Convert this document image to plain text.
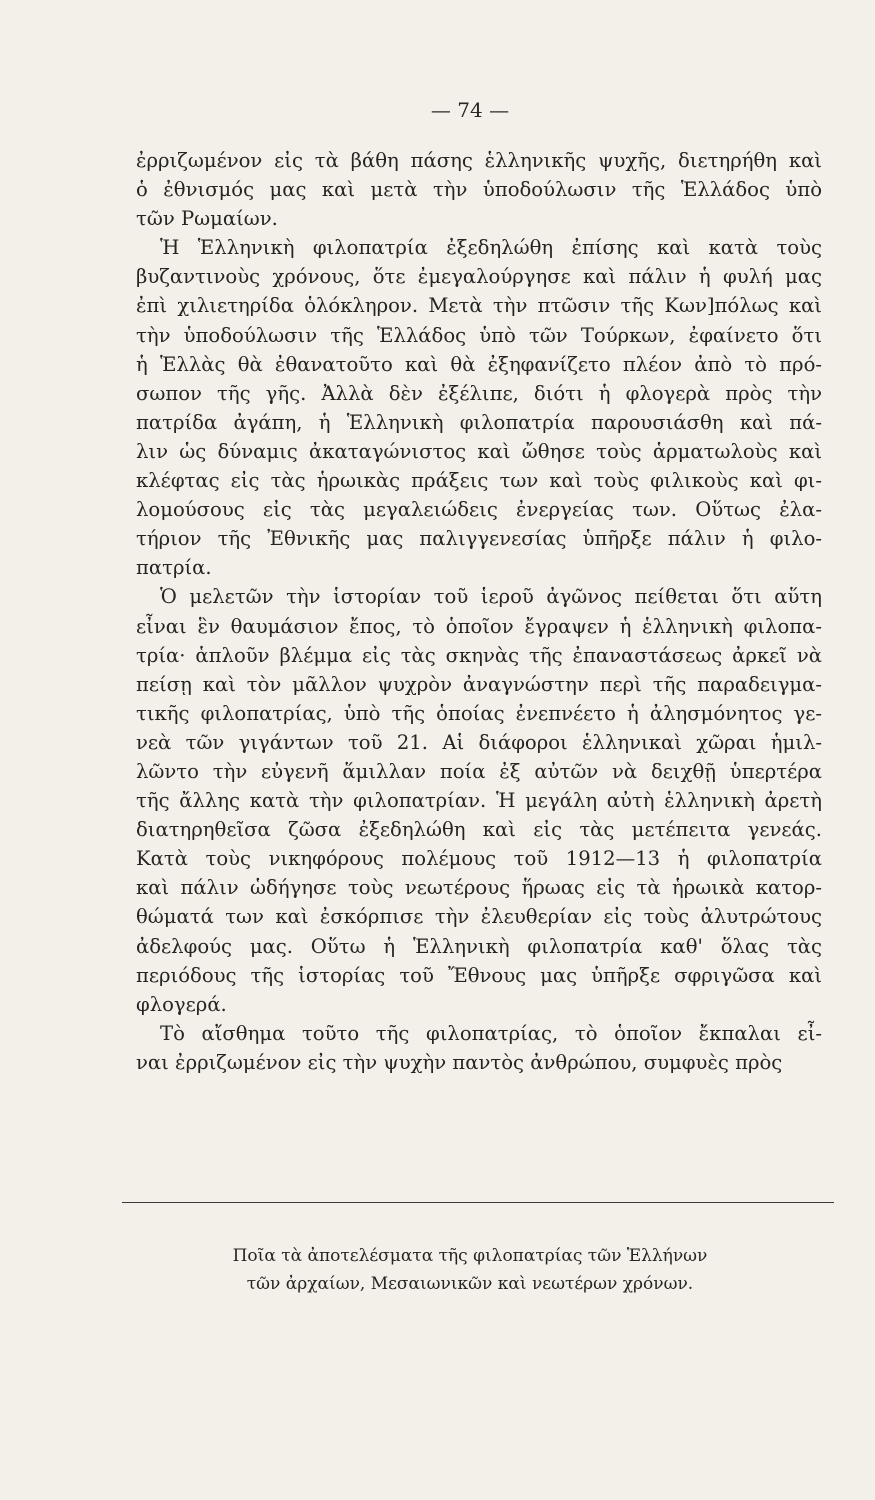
— 74 —
ἐρριζωμένον εἰς τὰ βάθη πάσης ἑλληνικῆς ψυχῆς, διετηρήθη καὶ
ὁ ἐθνισμός μας καὶ μετὰ τὴν ὑποδούλωσιν τῆς Ἑλλάδος ὑπὸ
τῶν Ρωμαίων.
Ἡ Ἑλληνικὴ φιλοπατρία ἐξεδηλώθη ἐπίσης καὶ κατὰ τοὺς
βυζαντινοὺς χρόνους, ὅτε ἐμεγαλούργησε καὶ πάλιν ἡ φυλή μας
ἐπὶ χιλιετηρίδα ὁλόκληρον. Μετὰ τὴν πτῶσιν τῆς Κων]πόλως καὶ
τὴν ὑποδούλωσιν τῆς Ἑλλάδος ὑπὸ τῶν Τούρκων, ἐφαίνετο ὅτι
ἡ Ἑλλὰς θὰ ἐθανατοῦτο καὶ θὰ ἐξηφανίζετο πλέον ἀπὸ τὸ πρό-
σωπον τῆς γῆς. Ἀλλὰ δὲν ἐξέλιπε, διότι ἡ φλογερὰ πρὸς τὴν
πατρίδα ἀγάπη, ἡ Ἑλληνικὴ φιλοπατρία παρουσιάσθη καὶ πά-
λιν ὡς δύναμις ἀκαταγώνιστος καὶ ὤθησε τοὺς ἁρματωλοὺς καὶ
κλέφτας εἰς τὰς ἡρωικὰς πράξεις των καὶ τοὺς φιλικοὺς καὶ φι-
λομούσους εἰς τὰς μεγαλειώδεις ἐνεργείας των. Οὕτως ἐλα-
τήριον τῆς Ἐθνικῆς μας παλιγγενεσίας ὑπῆρξε πάλιν ἡ φιλο-
πατρία.
Ὁ μελετῶν τὴν ἱστορίαν τοῦ ἱεροῦ ἀγῶνος πείθεται ὅτι αὕτη
εἶναι ἓν θαυμάσιον ἔπος, τὸ ὁποῖον ἔγραψεν ἡ ἑλληνικὴ φιλοπα-
τρία· ἁπλοῦν βλέμμα εἰς τὰς σκηνὰς τῆς ἐπαναστάσεως ἀρκεῖ νὰ
πείσῃ καὶ τὸν μᾶλλον ψυχρὸν ἀναγνώστην περὶ τῆς παραδειγμα-
τικῆς φιλοπατρίας, ὑπὸ τῆς ὁποίας ἐνεπνέετο ἡ ἀλησμόνητος γε-
νεὰ τῶν γιγάντων τοῦ 21. Αἱ διάφοροι ἑλληνικαὶ χῶραι ἡμιλ-
λῶντο τὴν εὐγενῆ ἅμιλλαν ποία ἐξ αὐτῶν νὰ δειχθῇ ὑπερτέρα
τῆς ἄλλης κατὰ τὴν φιλοπατρίαν. Ἡ μεγάλη αὐτὴ ἑλληνικὴ ἀρετὴ
διατηρηθεῖσα ζῶσα ἐξεδηλώθη καὶ εἰς τὰς μετέπειτα γενεάς.
Κατὰ τοὺς νικηφόρους πολέμους τοῦ 1912—13 ἡ φιλοπατρία
καὶ πάλιν ὡδήγησε τοὺς νεωτέρους ἥρωας εἰς τὰ ἡρωικὰ κατορ-
θώματά των καὶ ἐσκόρπισε τὴν ἐλευθερίαν εἰς τοὺς ἀλυτρώτους
ἀδελφούς μας. Οὕτω ἡ Ἑλληνικὴ φιλοπατρία καθ' ὅλας τὰς
περιόδους τῆς ἱστορίας τοῦ Ἔθνους μας ὑπῆρξε σφριγῶσα καὶ
φλογερά.
Τὸ αἴσθημα τοῦτο τῆς φιλοπατρίας, τὸ ὁποῖον ἔκπαλαι εἶ-
ναι ἐρριζωμένον εἰς τὴν ψυχὴν παντὸς ἀνθρώπου, συμφυὲς πρὸς
Ποῖα τὰ ἀποτελέσματα τῆς φιλοπατρίας τῶν Ἑλλήνων
τῶν ἀρχαίων, Μεσαιωνικῶν καὶ νεωτέρων χρόνων.
